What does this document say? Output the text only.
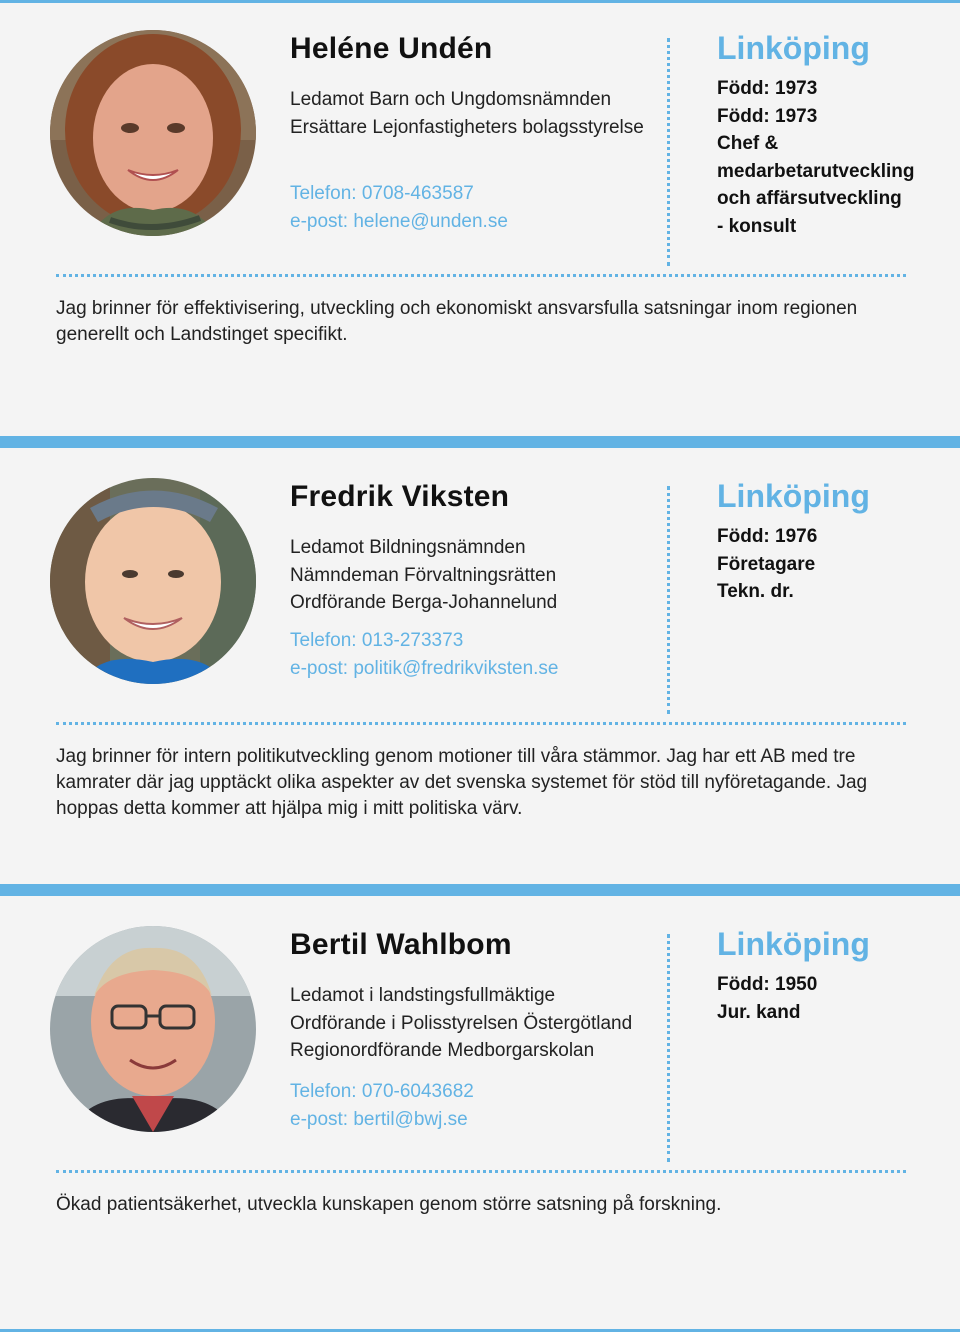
Heléne Undén
Ledamot Barn och Ungdomsnämnden
Ersättare Lejonfastigheters bolagsstyrelse
Telefon: 0708-463587
e-post: helene@unden.se
Linköping
Född: 1973
Född: 1973
Chef &
medarbetarutveckling
och affärsutveckling
- konsult

Jag brinner för effektivisering, utveckling och ekonomiskt ansvarsfulla satsningar inom regionen generellt och Landstinget specifikt.

Fredrik Viksten
Ledamot Bildningsnämnden
Nämndeman Förvaltningsrätten
Ordförande Berga-Johannelund
Telefon: 013-273373
e-post: politik@fredrikviksten.se
Linköping
Född: 1976
Företagare
Tekn. dr.

Jag brinner för intern politikutveckling genom motioner till våra stämmor. Jag har ett AB med tre kamrater där jag upptäckt olika aspekter av det svenska systemet för stöd till nyföretagande. Jag hoppas detta kommer att hjälpa mig i mitt politiska värv.

Bertil Wahlbom
Ledamot i landstingsfullmäktige
Ordförande i Polisstyrelsen Östergötland
Regionordförande Medborgarskolan
Telefon: 070-6043682
e-post: bertil@bwj.se
Linköping
Född: 1950
Jur. kand

Ökad patientsäkerhet, utveckla kunskapen genom större satsning på forskning.
